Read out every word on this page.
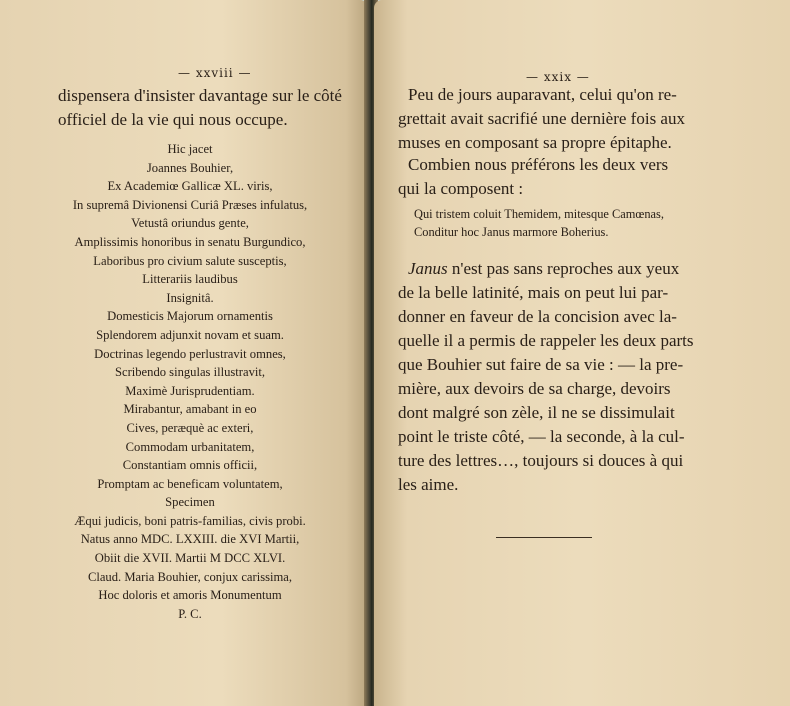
— xxviii —
dispensera d'insister davantage sur le côté
officiel de la vie qui nous occupe.
Hic jacet
Joannes Bouhier,
Ex Academiœ Gallicæ XL. viris,
In supremâ Divionensi Curiâ Præses infulatus,
Vetustâ oriundus gente,
Amplissimis honoribus in senatu Burgundico,
Laboribus pro civium salute susceptis,
Litterariis laudibus
Insignitâ.
Domesticis Majorum ornamentis
Splendorem adjunxit novam et suam.
Doctrinas legendo perlustravit omnes,
Scribendo singulas illustravit,
Maximè Jurisprudentiam.
Mirabantur, amabant in eo
Cives, peræquè ac exteri,
Commodam urbanitatem,
Constantiam omnis officii,
Promptam ac beneficam voluntatem,
Specimen
Æqui judicis, boni patris-familias, civis probi.
Natus anno MDC. LXXIII. die XVI Martii,
Obiit die XVII. Martii M DCC XLVI.
Claud. Maria Bouhier, conjux carissima,
Hoc doloris et amoris Monumentum
P. C.
— xxix —
Peu de jours auparavant, celui qu'on re-
grettait avait sacrifié une dernière fois aux
muses en composant sa propre épitaphe.
Combien nous préférons les deux vers
qui la composent :
Qui tristem coluit Themidem, mitesque Camœnas,
Conditur hoc Janus marmore Boherius.
Janus n'est pas sans reproches aux yeux
de la belle latinité, mais on peut lui par-
donner en faveur de la concision avec la-
quelle il a permis de rappeler les deux parts
que Bouhier sut faire de sa vie : — la pre-
mière, aux devoirs de sa charge, devoirs
dont malgré son zèle, il ne se dissimulait
point le triste côté, — la seconde, à la cul-
ture des lettres…, toujours si douces à qui
les aime.
